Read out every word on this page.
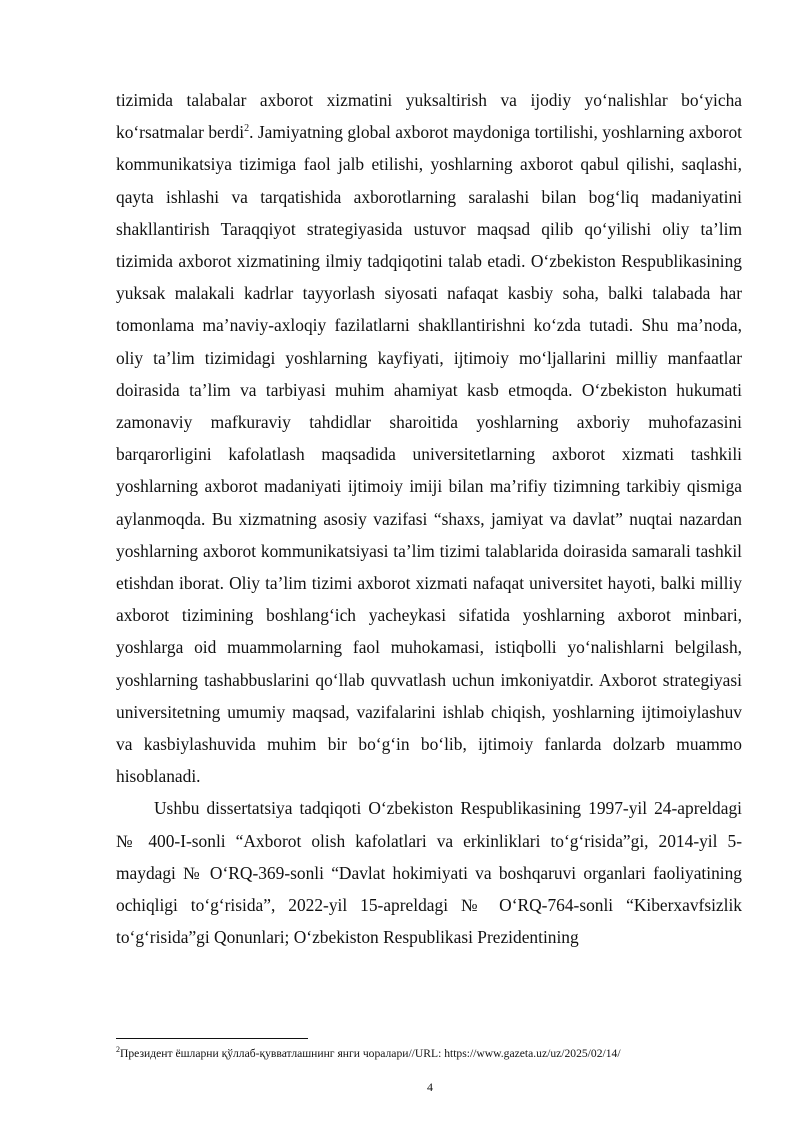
tizimida talabalar axborot xizmatini yuksaltirish va ijodiy yo‘nalishlar bo‘yicha ko‘rsatmalar berdi$^2$. Jamiyatning global axborot maydoniga tortilishi, yoshlarning axborot kommunikatsiya tizimiga faol jalb etilishi, yoshlarning axborot qabul qilishi, saqlashi, qayta ishlashi va tarqatishida axborotlarning saralashi bilan bog‘liq madaniyatini shakllantirish Taraqqiyot strategiyasida ustuvor maqsad qilib qo‘yilishi oliy ta’lim tizimida axborot xizmatining ilmiy tadqiqotini talab etadi. O‘zbekiston Respublikasining yuksak malakali kadrlar tayyorlash siyosati nafaqat kasbiy soha, balki talabada har tomonlama ma’naviy-axloqiy fazilatlarni shakllantirishni ko‘zda tutadi. Shu ma’noda, oliy ta’lim tizimidagi yoshlarning kayfiyati, ijtimoiy mo‘ljallarini milliy manfaatlar doirasida ta’lim va tarbiyasi muhim ahamiyat kasb etmoqda. O‘zbekiston hukumati zamonaviy mafkuraviy tahdidlar sharoitida yoshlarning axboriy muhofazasini barqarorligini kafolatlash maqsadida universitetlarning axborot xizmati tashkili yoshlarning axborot madaniyati ijtimoiy imiji bilan ma’rifiy tizimning tarkibiy qismiga aylanmoqda. Bu xizmatning asosiy vazifasi “shaxs, jamiyat va davlat” nuqtai nazardan yoshlarning axborot kommunikatsiyasi ta’lim tizimi talablarida doirasida samarali tashkil etishdan iborat. Oliy ta’lim tizimi axborot xizmati nafaqat universitet hayoti, balki milliy axborot tizimining boshlang‘ich yacheykasi sifatida yoshlarning axborot minbari, yoshlarga oid muammolarning faol muhokamasi, istiqbolli yo‘nalishlarni belgilash, yoshlarning tashabbuslarini qo‘llab quvvatlash uchun imkoniyatdir. Axborot strategiyasi universitetning umumiy maqsad, vazifalarini ishlab chiqish, yoshlarning ijtimoiylashuv va kasbiylashuvida muhim bir bo‘g‘in bo‘lib, ijtimoiy fanlarda dolzarb muammo hisoblanadi.

Ushbu dissertatsiya tadqiqoti O‘zbekiston Respublikasining 1997-yil 24-apreldagi № 400-I-sonli “Axborot olish kafolatlari va erkinliklari to‘g‘risida”gi, 2014-yil 5-maydagi № O‘RQ-369-sonli “Davlat hokimiyati va boshqaruvi organlari faoliyatining ochiqligi to‘g‘risida”, 2022-yil 15-apreldagi № O‘RQ-764-sonli “Kiberxavfsizlik to‘g‘risida”gi Qonunlari; O‘zbekiston Respublikasi Prezidentining

$^2$Президент ёшларни қўллаб-қувватлашнинг янги чоралари//URL: https://www.gazeta.uz/uz/2025/02/14/

4
